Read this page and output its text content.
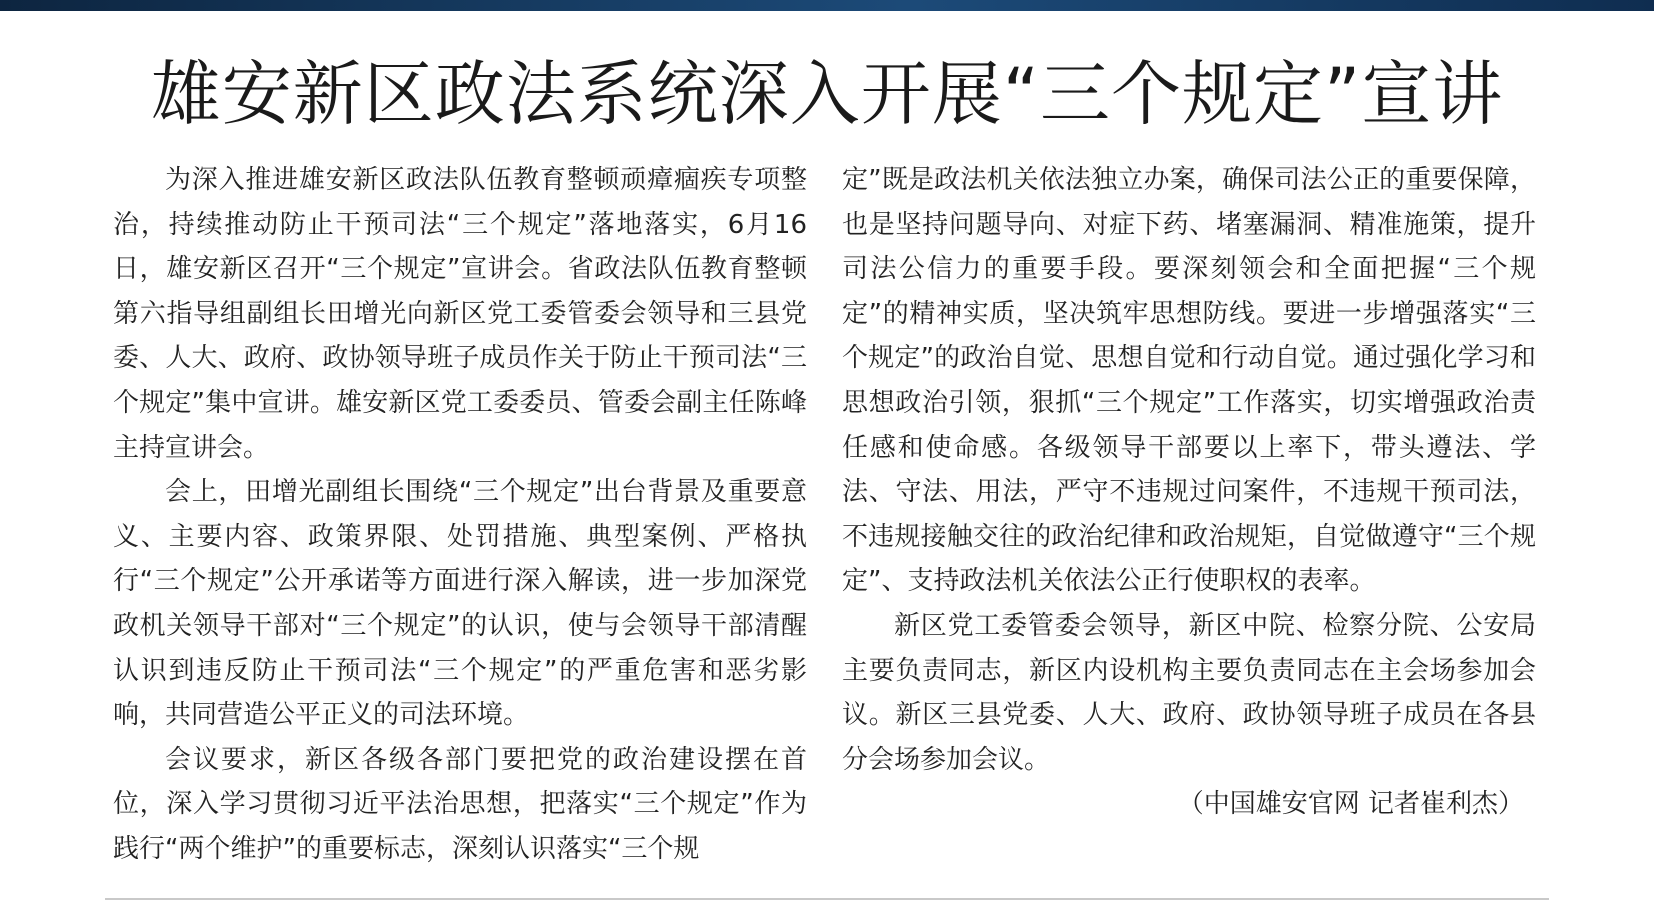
雄安新区政法系统深入开展“三个规定”宣讲

为深入推进雄安新区政法队伍教育整顿顽瘴痼疾专项整治，持续推动防止干预司法“三个规定”落地落实，6月16日，雄安新区召开“三个规定”宣讲会。省政法队伍教育整顿第六指导组副组长田增光向新区党工委管委会领导和三县党委、人大、政府、政协领导班子成员作关于防止干预司法“三个规定”集中宣讲。雄安新区党工委委员、管委会副主任陈峰主持宣讲会。

会上，田增光副组长围绕“三个规定”出台背景及重要意义、主要内容、政策界限、处罚措施、典型案例、严格执行“三个规定”公开承诺等方面进行深入解读，进一步加深党政机关领导干部对“三个规定”的认识，使与会领导干部清醒认识到违反防止干预司法“三个规定”的严重危害和恶劣影响，共同营造公平正义的司法环境。

会议要求，新区各级各部门要把党的政治建设摆在首位，深入学习贯彻习近平法治思想，把落实“三个规定”作为践行“两个维护”的重要标志，深刻认识落实“三个规

定”既是政法机关依法独立办案，确保司法公正的重要保障，也是坚持问题导向、对症下药、堵塞漏洞、精准施策，提升司法公信力的重要手段。要深刻领会和全面把握“三个规定”的精神实质，坚决筑牢思想防线。要进一步增强落实“三个规定”的政治自觉、思想自觉和行动自觉。通过强化学习和思想政治引领，狠抓“三个规定”工作落实，切实增强政治责任感和使命感。各级领导干部要以上率下，带头遵法、学法、守法、用法，严守不违规过问案件，不违规干预司法，不违规接触交往的政治纪律和政治规矩，自觉做遵守“三个规定”、支持政法机关依法公正行使职权的表率。

新区党工委管委会领导，新区中院、检察分院、公安局主要负责同志，新区内设机构主要负责同志在主会场参加会议。新区三县党委、人大、政府、政协领导班子成员在各县分会场参加会议。

（中国雄安官网 记者崔利杰）
